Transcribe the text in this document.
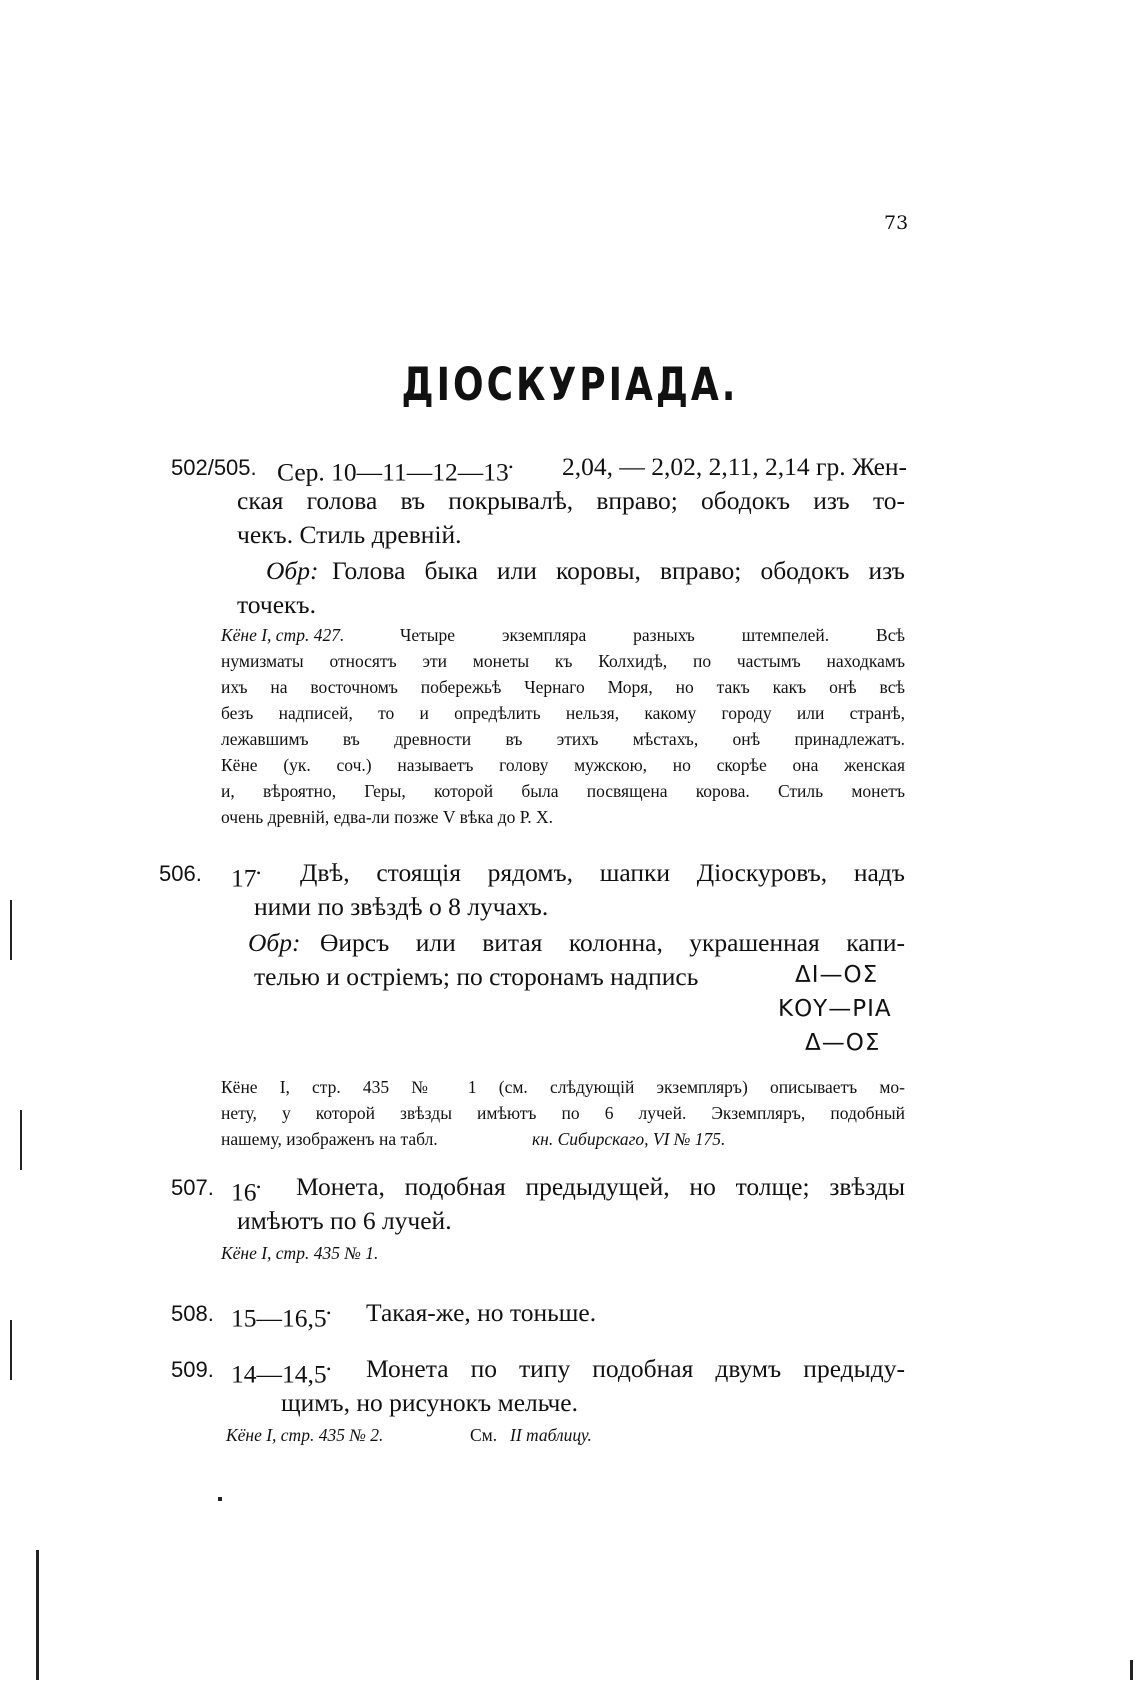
73
ДІОСКУРІАДА.
502/505. Сер. 10—11—12—13• 2,04, — 2,02, 2,11, 2,14 гр. Жен-
ская голова въ покрывалѣ, вправо; ободокъ изъ то-
чекъ. Стиль древній.
Обр: Голова быка или коровы, вправо; ободокъ изъ
точекъ.
Кёне I, стр. 427.	Четыре экземпляра разныхъ штемпелей. Всѣ
нумизматы относятъ эти монеты къ Колхидѣ, по частымъ находкамъ
ихъ на восточномъ побережьѣ Чернаго Моря, но такъ какъ онѣ всѣ
безъ надписей, то и опредѣлить нельзя, какому городу или странѣ,
лежавшимъ въ древности въ этихъ мѣстахъ, онѣ принадлежатъ.
Кёне (ук. соч.) называетъ голову мужскою, но скорѣе она женская
и, вѣроятно, Геры, которой была посвящена корова. Стиль монетъ
очень древній, едва-ли позже V вѣка до Р. Х.
506. 17• Двѣ, стоящія рядомъ, шапки Діоскуровъ, надъ
ними по звѣздѣ о 8 лучахъ.
Обр: Өирсъ или витая колонна, украшенная капи-
телью и остріемъ; по сторонамъ надпись	ΔΙ—ΟΣ
ΚΟΥ—ΡΙΑ
Δ—ΟΣ
Кёне I, стр. 435 № 1 (см. слѣдующій экземпляръ) описываетъ мо-
нету, у которой звѣзды имѣютъ по 6 лучей. Экземпляръ, подобный
нашему, изображенъ на табл.	кн. Сибирскаго, VI № 175.
507. 16• Монета, подобная предыдущей, но толще; звѣзды
имѣютъ по 6 лучей.
Кёне I, стр. 435 № 1.
508. 15—16,5• Такая-же, но тоньше.
509. 14—14,5• Монета по типу подобная двумъ предыду-
щимъ, но рисунокъ мельче.
Кёне I, стр. 435 № 2.	См. II таблицу.
